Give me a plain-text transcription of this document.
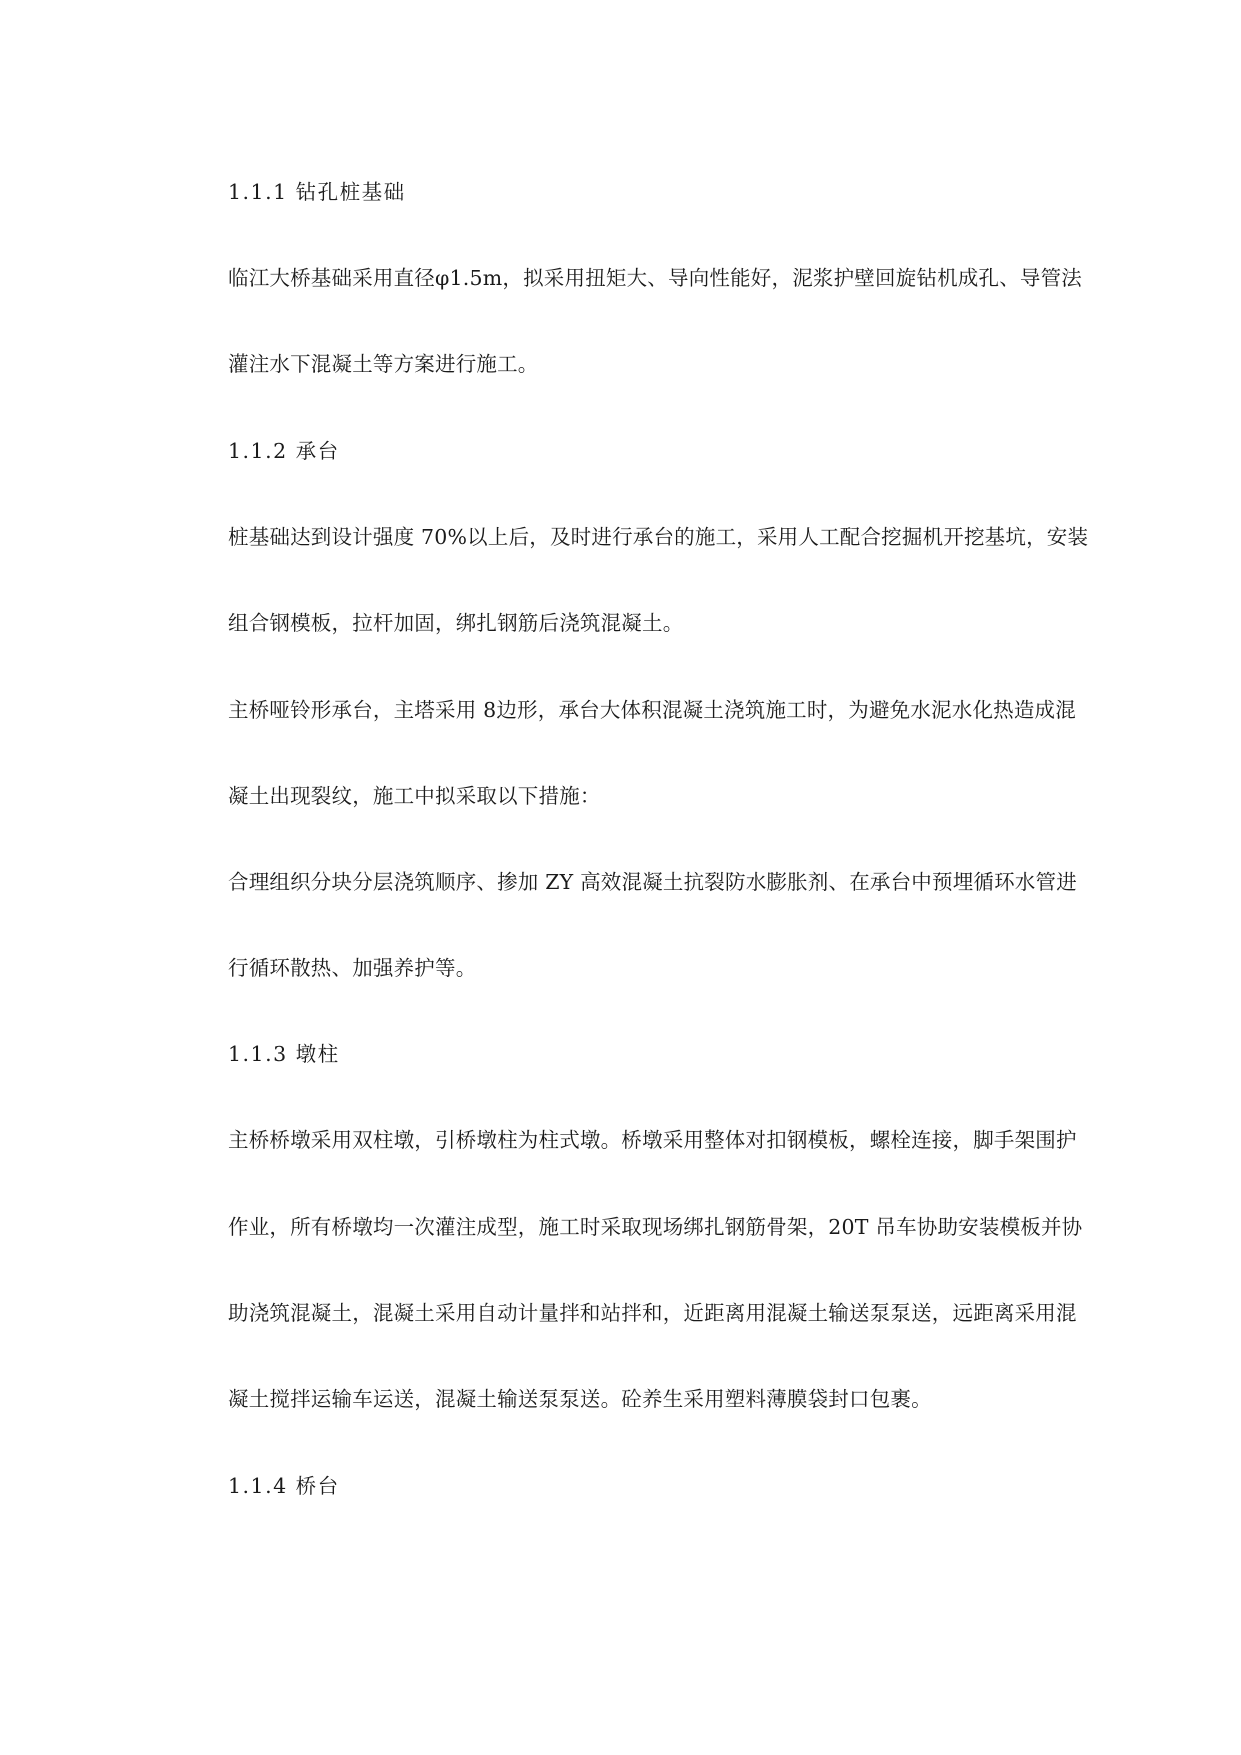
1.1.1 钻孔桩基础
临江大桥基础采用直径φ1.5m，拟采用扭矩大、导向性能好，泥浆护壁回旋钻机成孔、导管法
灌注水下混凝土等方案进行施工。
1.1.2 承台
桩基础达到设计强度 70%以上后，及时进行承台的施工，采用人工配合挖掘机开挖基坑，安装
组合钢模板，拉杆加固，绑扎钢筋后浇筑混凝土。
主桥哑铃形承台，主塔采用 8边形，承台大体积混凝土浇筑施工时，为避免水泥水化热造成混
凝土出现裂纹，施工中拟采取以下措施：
合理组织分块分层浇筑顺序、掺加 ZY 高效混凝土抗裂防水膨胀剂、在承台中预埋循环水管进
行循环散热、加强养护等。
1.1.3 墩柱
主桥桥墩采用双柱墩，引桥墩柱为柱式墩。桥墩采用整体对扣钢模板，螺栓连接，脚手架围护
作业，所有桥墩均一次灌注成型，施工时采取现场绑扎钢筋骨架，20T 吊车协助安装模板并协
助浇筑混凝土，混凝土采用自动计量拌和站拌和，近距离用混凝土输送泵泵送，远距离采用混
凝土搅拌运输车运送，混凝土输送泵泵送。砼养生采用塑料薄膜袋封口包裹。
1.1.4 桥台
